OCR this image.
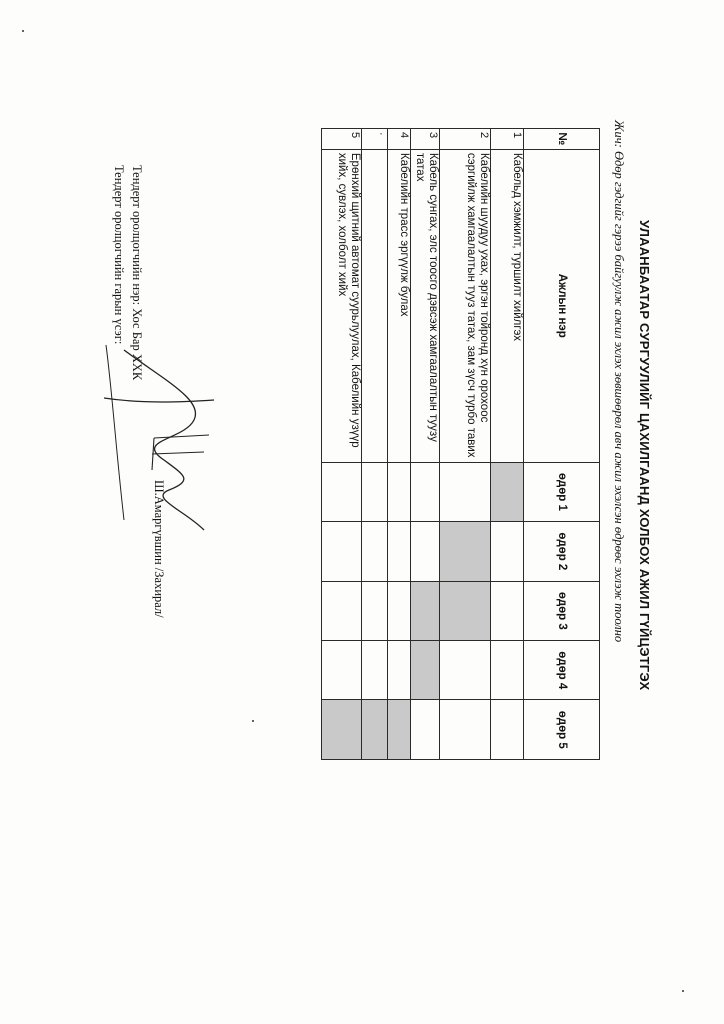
УЛААНБААТАР СУРГУУЛИЙГ ЦАХИЛГААНД ХОЛБОХ АЖИЛ ГҮЙЦЭТГЭХ
Жич: Өдөр гэдгийг гэрээ байгуулж ажил эхлэх зөвшөөрөл авч ажил эхэлсэн өдрөөс эхлэж тоолно
№	Ажлын нэр	өдөр 1	өдөр 2	өдөр 3	өдөр 4	өдөр 5
1	Кабельд хэмжилт, туршилт хийлгэх					
2	Кабелийн шуудуу ухах, эргэн тойронд хүн орохоос сэргийлж хамгаалалтын тууз татах, зам зүсч турбо тавих					
3	Кабель сунгах, элс тоосго дэвсэж хамгаалалтын туузу татах					
4	Кабелийн трасс эргүүлж булах					
·						
5	Ерөнхий щитний автомат суурьлуулах, Кабелийн узүүр хийх, сувлэх, холболт хийх					
Ш.Амаргүвшин /Захирал/
Тендерт оролцогчийн нэр: Хос Бар ХХК
Тендерт оролцогчийн гарын үсэг:
